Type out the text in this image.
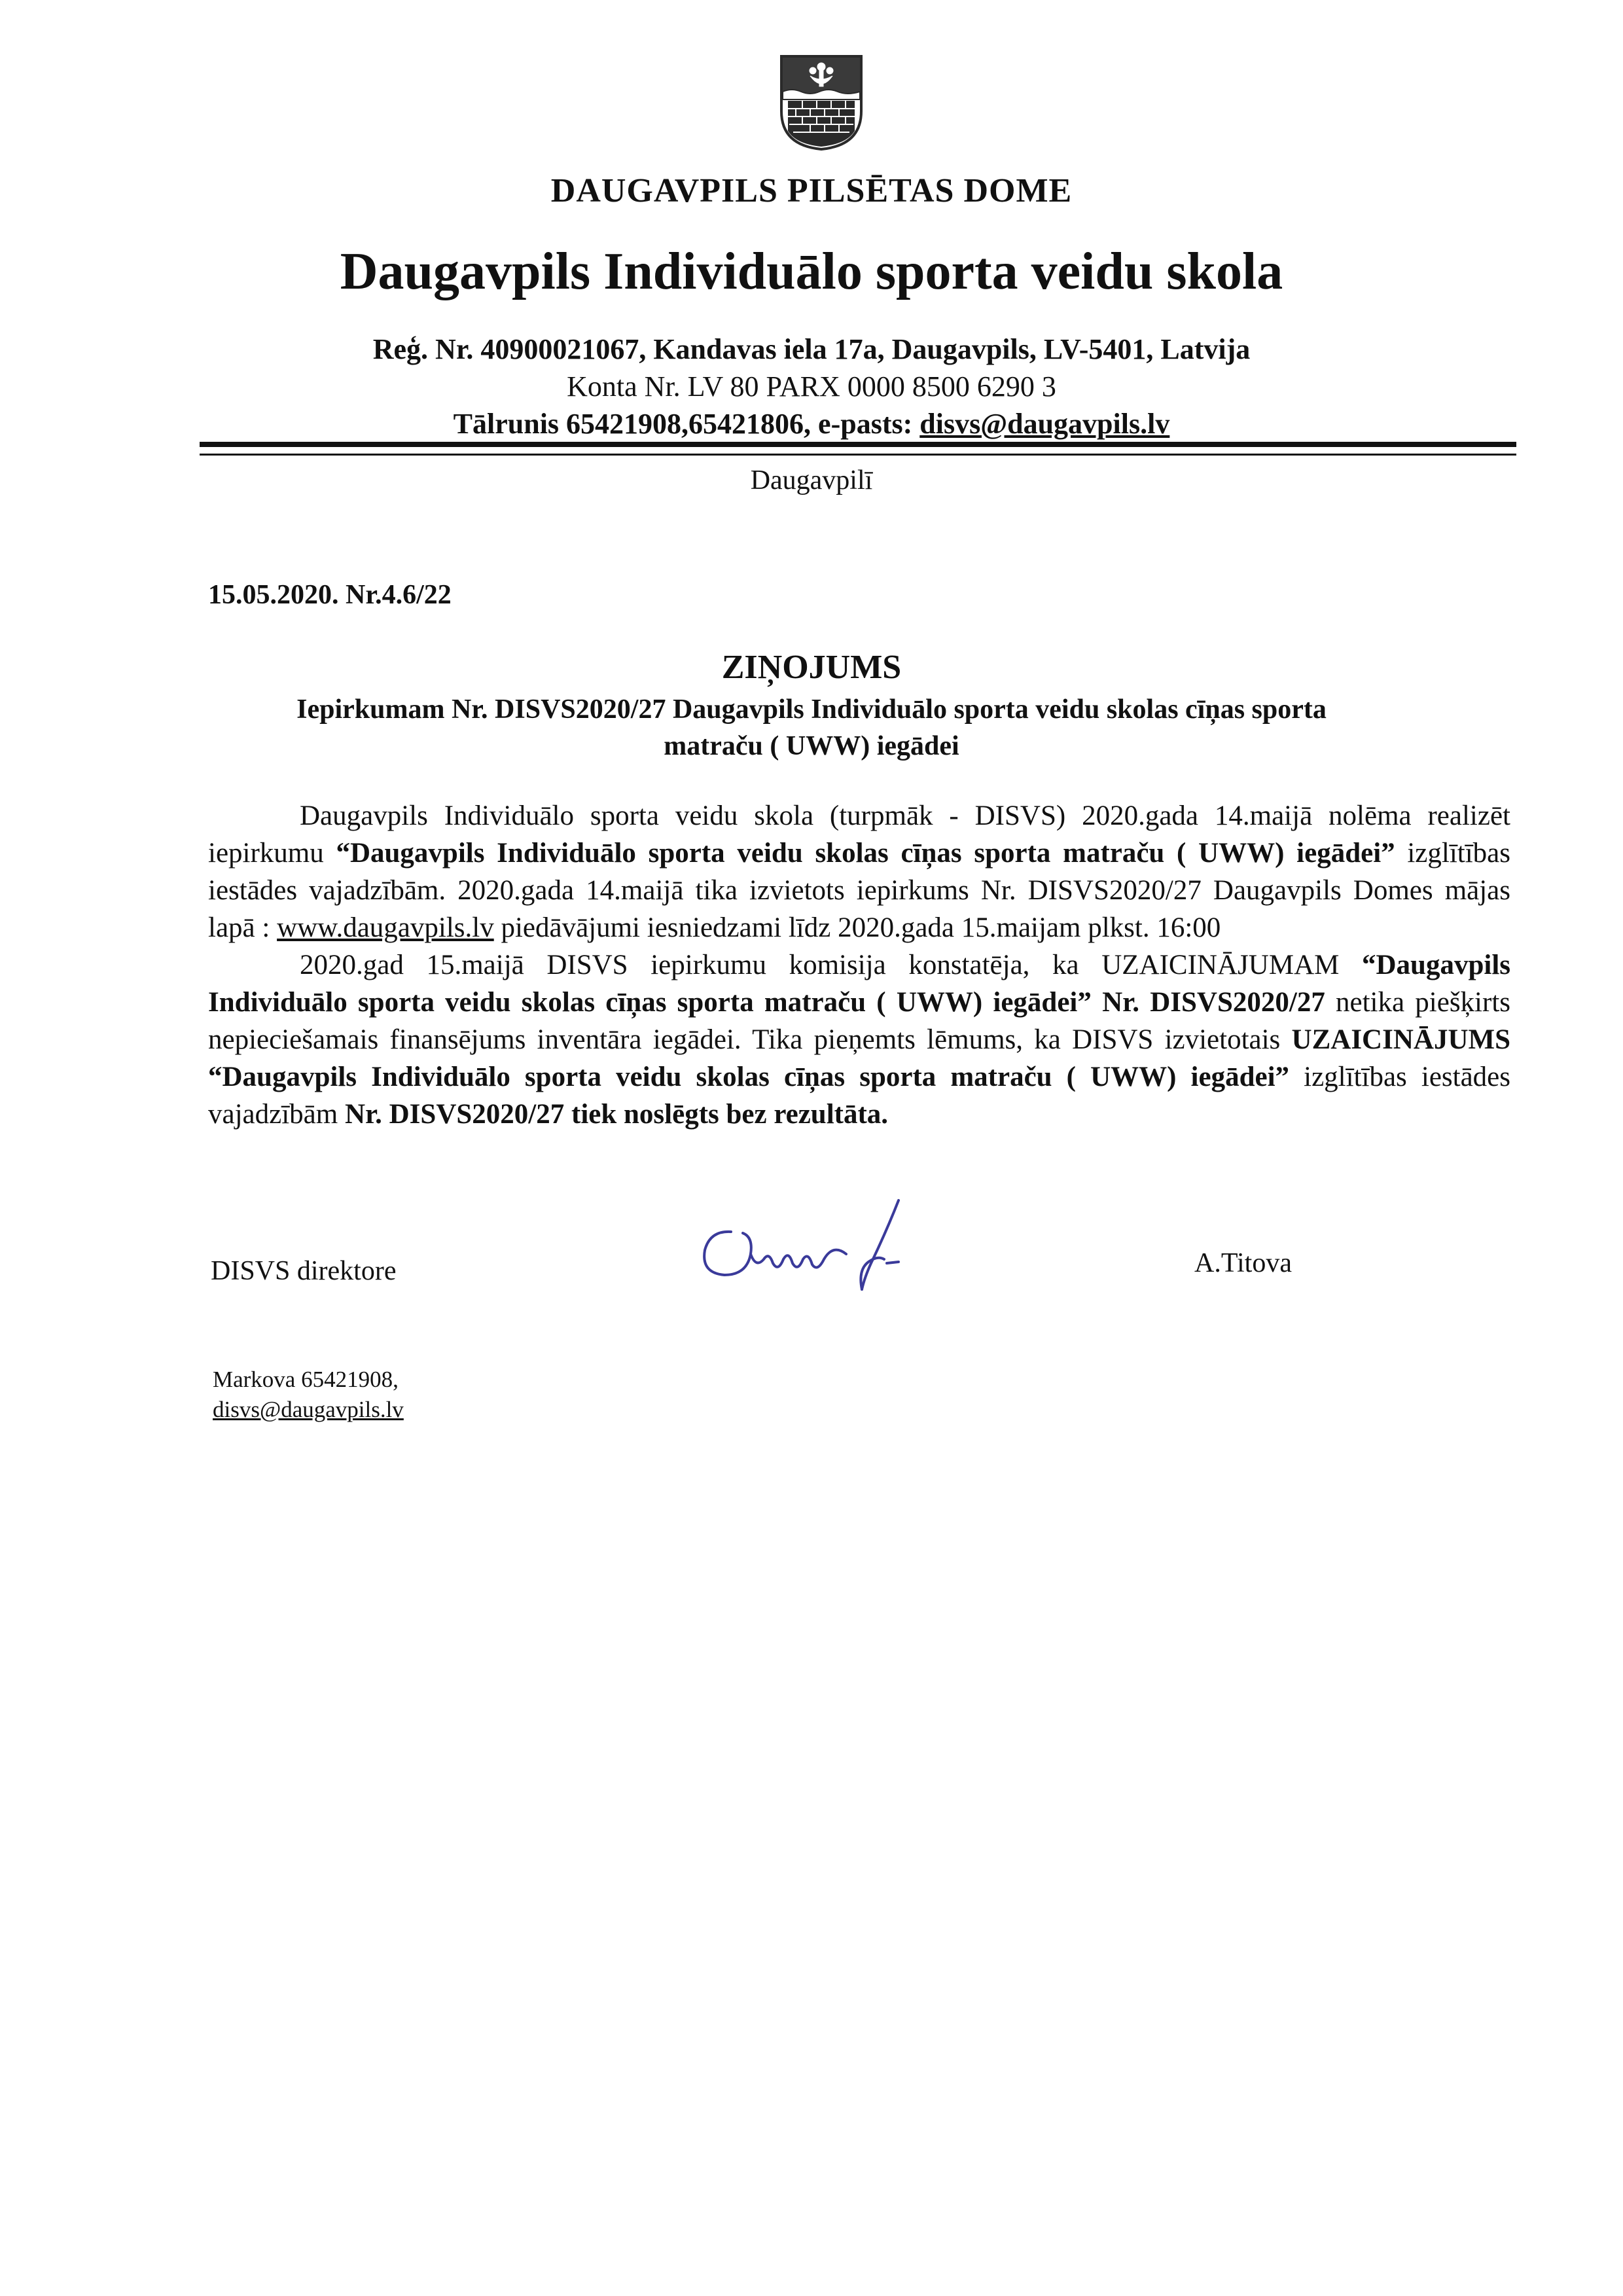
DAUGAVPILS PILSĒTAS DOME
Daugavpils Individuālo sporta veidu skola
Reģ. Nr. 40900021067, Kandavas iela 17a, Daugavpils, LV-5401, Latvija
Konta Nr. LV 80 PARX 0000 8500 6290 3
Tālrunis 65421908,65421806, e-pasts: disvs@daugavpils.lv
Daugavpilī
15.05.2020. Nr.4.6/22
ZIŅOJUMS
Iepirkumam Nr. DISVS2020/27 Daugavpils Individuālo sporta veidu skolas cīņas sporta
matraču ( UWW) iegādei

Daugavpils Individuālo sporta veidu skola (turpmāk - DISVS) 2020.gada 14.maijā nolēma realizēt iepirkumu “Daugavpils Individuālo sporta veidu skolas cīņas sporta matraču ( UWW) iegādei” izglītības iestādes vajadzībām. 2020.gada 14.maijā tika izvietots iepirkums Nr. DISVS2020/27 Daugavpils Domes mājas lapā : www.daugavpils.lv piedāvājumi iesniedzami līdz 2020.gada 15.maijam plkst. 16:00

2020.gad 15.maijā DISVS iepirkumu komisija konstatēja, ka UZAICINĀJUMAM “Daugavpils Individuālo sporta veidu skolas cīņas sporta matraču ( UWW) iegādei” Nr. DISVS2020/27 netika piešķirts nepieciešamais finansējums inventāra iegādei. Tika pieņemts lēmums, ka DISVS izvietotais UZAICINĀJUMS “Daugavpils Individuālo sporta veidu skolas cīņas sporta matraču ( UWW) iegādei” izglītības iestādes vajadzībām Nr. DISVS2020/27 tiek noslēgts bez rezultāta.

DISVS direktore	A.Titova
Markova 65421908,
disvs@daugavpils.lv
